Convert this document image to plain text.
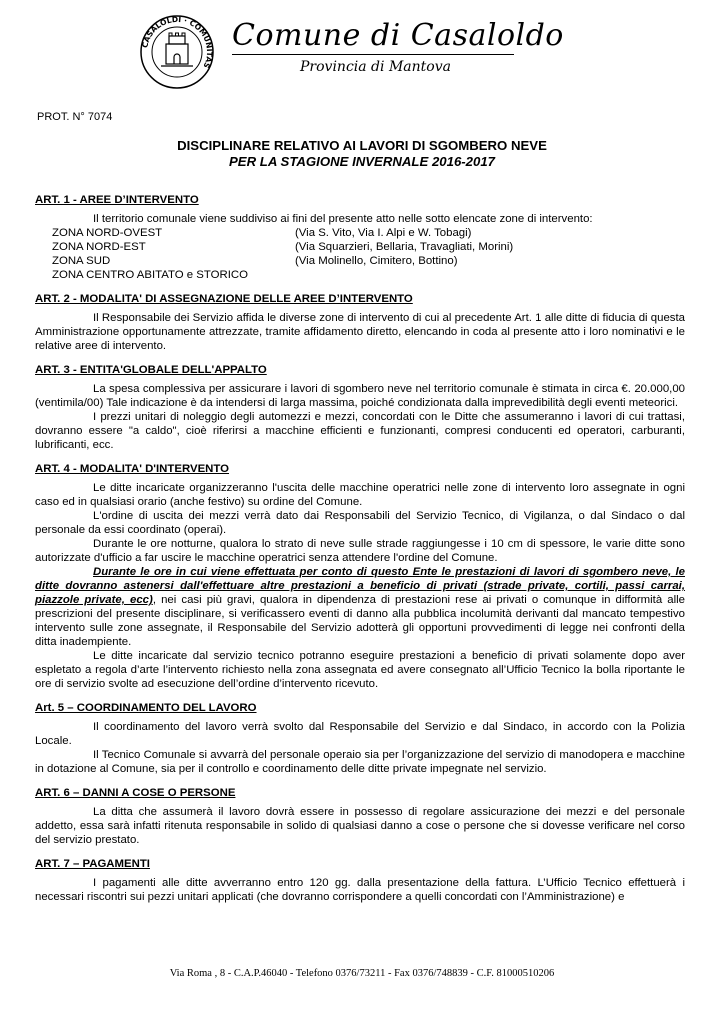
CASALOLDI · COMUNITAS
Comune di Casaloldo
Provincia di Mantova
PROT. N° 7074
DISCIPLINARE RELATIVO AI LAVORI DI SGOMBERO NEVE
PER LA STAGIONE INVERNALE 2016-2017

ART. 1 - AREE D’INTERVENTO

Il territorio comunale viene suddiviso ai fini del presente atto nelle sotto elencate zone di intervento:

ZONA NORD-OVEST	(Via S. Vito, Via I. Alpi e W. Tobagi)
ZONA NORD-EST	(Via Squarzieri, Bellaria, Travagliati, Morini)
ZONA SUD	(Via Molinello, Cimitero, Bottino)
ZONA CENTRO ABITATO e STORICO

ART. 2 - MODALITA' DI ASSEGNAZIONE DELLE AREE D’INTERVENTO

Il Responsabile dei Servizio affida le diverse zone di intervento di cui al precedente Art. 1 alle ditte di fiducia di questa Amministrazione opportunamente attrezzate, tramite affidamento diretto, elencando in coda al presente atto i loro nominativi e le relative aree di intervento.

ART. 3 - ENTITA'GLOBALE DELL'APPALTO

La spesa complessiva per assicurare i lavori di sgombero neve nel territorio comunale è stimata in circa €. 20.000,00 (ventimila/00) Tale indicazione è da intendersi di larga massima, poiché condizionata dalla imprevedibilità degli eventi meteorici.

I prezzi unitari di noleggio degli automezzi e mezzi, concordati con le Ditte che assumeranno i lavori di cui trattasi, dovranno essere "a caldo", cioè riferirsi a macchine efficienti e funzionanti, compresi conducenti ed operatori, carburanti, lubrificanti, ecc.

ART. 4 - MODALITA' D'INTERVENTO

Le ditte incaricate organizzeranno l'uscita delle macchine operatrici nelle zone di intervento loro assegnate in ogni caso ed in qualsiasi orario (anche festivo) su ordine del Comune.

L'ordine di uscita dei mezzi verrà dato dai Responsabili del Servizio Tecnico, di Vigilanza, o dal Sindaco o dal personale da essi coordinato (operai).

Durante le ore notturne, qualora lo strato di neve sulle strade raggiungesse i 10 cm di spessore, le varie ditte sono autorizzate d'ufficio a far uscire le macchine operatrici senza attendere l'ordine del Comune.

Durante le ore in cui viene effettuata per conto di questo Ente le prestazioni di lavori di sgombero neve, le ditte dovranno astenersi dall'effettuare altre prestazioni a beneficio di privati (strade private, cortili, passi carrai, piazzole private, ecc), nei casi più gravi, qualora in dipendenza di prestazioni rese ai privati o comunque in difformità alle prescrizioni del presente disciplinare, si verificassero eventi di danno alla pubblica incolumità derivanti dal mancato tempestivo intervento sulle zone assegnate, il Responsabile del Servizio adotterà gli opportuni provvedimenti di legge nei confronti della ditta inadempiente.

Le ditte incaricate dal servizio tecnico potranno eseguire prestazioni a beneficio di privati solamente dopo aver espletato a regola d’arte l’intervento richiesto nella zona assegnata ed avere consegnato all’Ufficio Tecnico la bolla riportante le ore di servizio svolte ad esecuzione dell’ordine d’intervento ricevuto.

Art. 5 – COORDINAMENTO DEL LAVORO

Il coordinamento del lavoro verrà svolto dal Responsabile del Servizio e dal Sindaco, in accordo con la Polizia Locale.

Il Tecnico Comunale si avvarrà del personale operaio sia per l’organizzazione del servizio di manodopera e macchine in dotazione al Comune, sia per il controllo e coordinamento delle ditte private impegnate nel servizio.

ART. 6 – DANNI A COSE O PERSONE

La ditta che assumerà il lavoro dovrà essere in possesso di regolare assicurazione dei mezzi e del personale addetto, essa sarà infatti ritenuta responsabile in solido di qualsiasi danno a cose o persone che si dovesse verificare nel corso del servizio prestato.

ART. 7 – PAGAMENTI

I pagamenti alle ditte avverranno entro 120 gg. dalla presentazione della fattura. L’Ufficio Tecnico effettuerà i necessari riscontri sui pezzi unitari applicati (che dovranno corrispondere a quelli concordati con l’Amministrazione) e

Via Roma , 8 - C.A.P.46040 - Telefono 0376/73211 - Fax 0376/748839 - C.F. 81000510206
